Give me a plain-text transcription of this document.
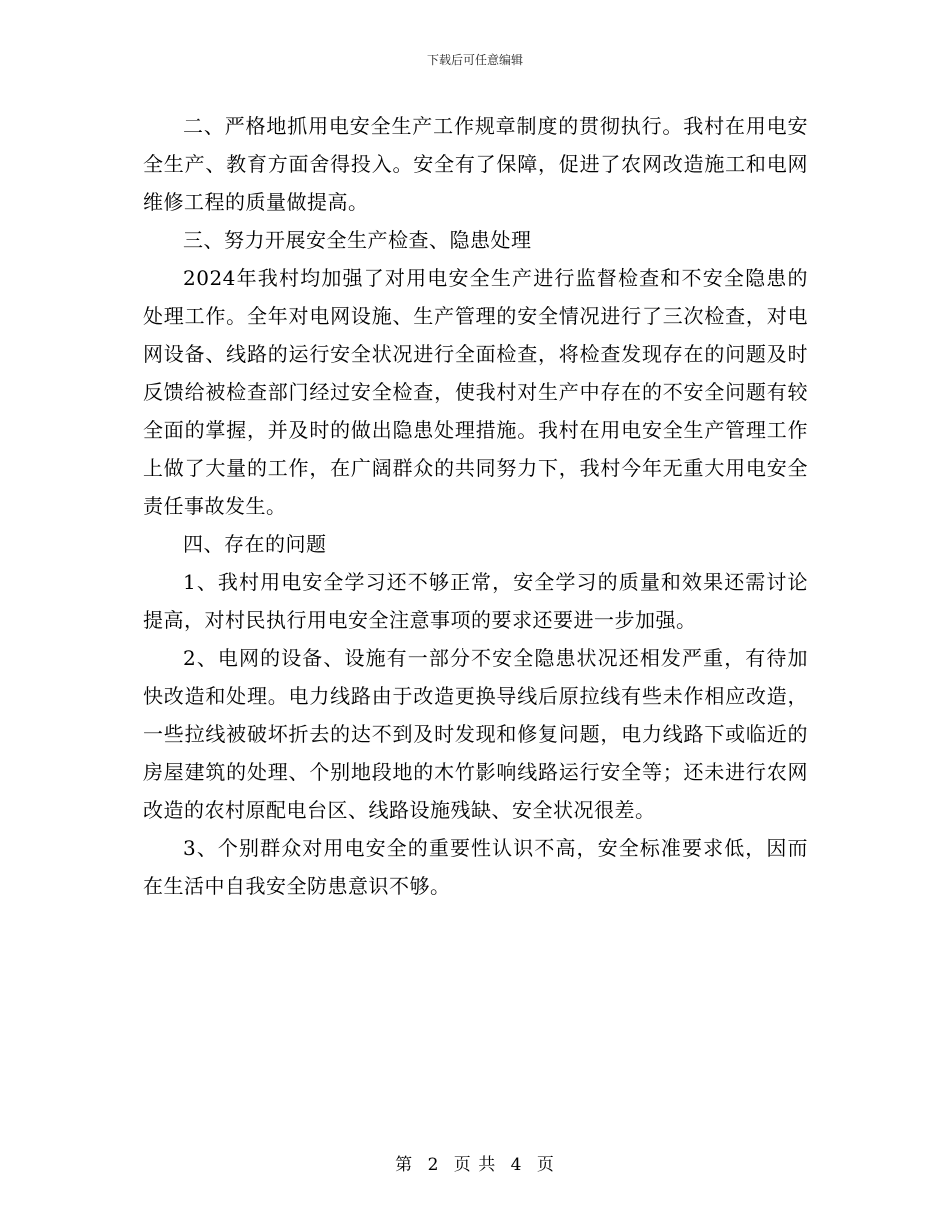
下载后可任意编辑

二、严格地抓用电安全生产工作规章制度的贯彻执行。我村在用电安全生产、教育方面舍得投入。安全有了保障，促进了农网改造施工和电网维修工程的质量做提高。

三、努力开展安全生产检查、隐患处理

2024年我村均加强了对用电安全生产进行监督检查和不安全隐患的处理工作。全年对电网设施、生产管理的安全情况进行了三次检查，对电网设备、线路的运行安全状况进行全面检查，将检查发现存在的问题及时反馈给被检查部门经过安全检查，使我村对生产中存在的不安全问题有较全面的掌握，并及时的做出隐患处理措施。我村在用电安全生产管理工作上做了大量的工作，在广阔群众的共同努力下，我村今年无重大用电安全责任事故发生。

四、存在的问题

1、我村用电安全学习还不够正常，安全学习的质量和效果还需讨论提高，对村民执行用电安全注意事项的要求还要进一步加强。

2、电网的设备、设施有一部分不安全隐患状况还相发严重，有待加快改造和处理。电力线路由于改造更换导线后原拉线有些未作相应改造，一些拉线被破坏折去的达不到及时发现和修复问题，电力线路下或临近的房屋建筑的处理、个别地段地的木竹影响线路运行安全等；还未进行农网改造的农村原配电台区、线路设施残缺、安全状况很差。

3、个别群众对用电安全的重要性认识不高，安全标准要求低，因而在生活中自我安全防患意识不够。

第 2 页 共 4 页
